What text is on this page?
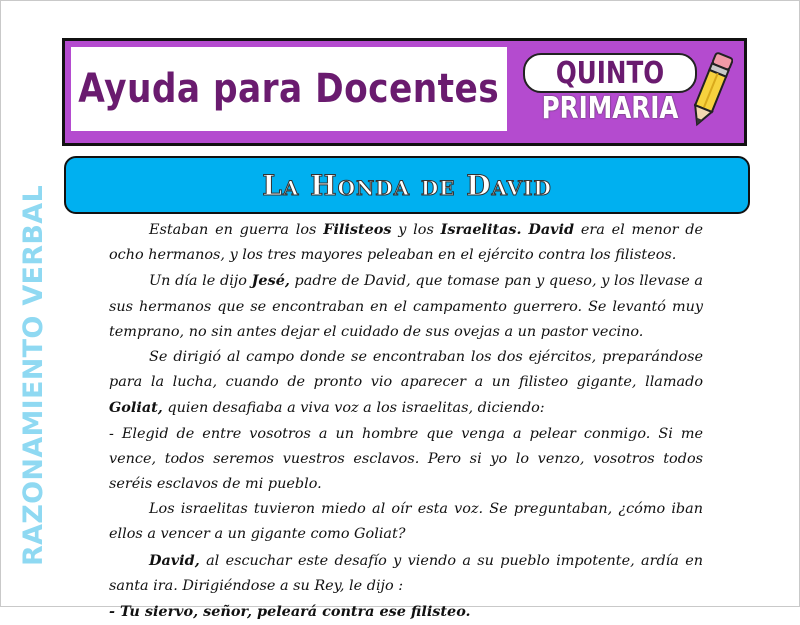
Ayuda para Docentes QUINTO
PRIMARIA
La Honda de David
RAZONAMIENTO VERBAL	Estaban en guerra los Filisteos y los Israelitas. David era el menor de ocho hermanos, y los tres mayores peleaban en el ejército contra los filisteos.

Un día le dijo Jesé, padre de David, que tomase pan y queso, y los llevase a sus hermanos que se encontraban en el campamento guerrero. Se levantó muy temprano, no sin antes dejar el cuidado de sus ovejas a un pastor vecino.

Se dirigió al campo donde se encontraban los dos ejércitos, preparándose para la lucha, cuando de pronto vio aparecer a un filisteo gigante, llamado Goliat, quien desafiaba a viva voz a los israelitas, diciendo:

- Elegid de entre vosotros a un hombre que venga a pelear conmigo. Si me vence, todos seremos vuestros esclavos. Pero si yo lo venzo, vosotros todos seréis esclavos de mi pueblo.

Los israelitas tuvieron miedo al oír esta voz. Se preguntaban, ¿cómo iban ellos a vencer a un gigante como Goliat?

David, al escuchar este desafío y viendo a su pueblo impotente, ardía en santa ira. Dirigiéndose a su Rey, le dijo :

- Tu siervo, señor, peleará contra ese filisteo.
